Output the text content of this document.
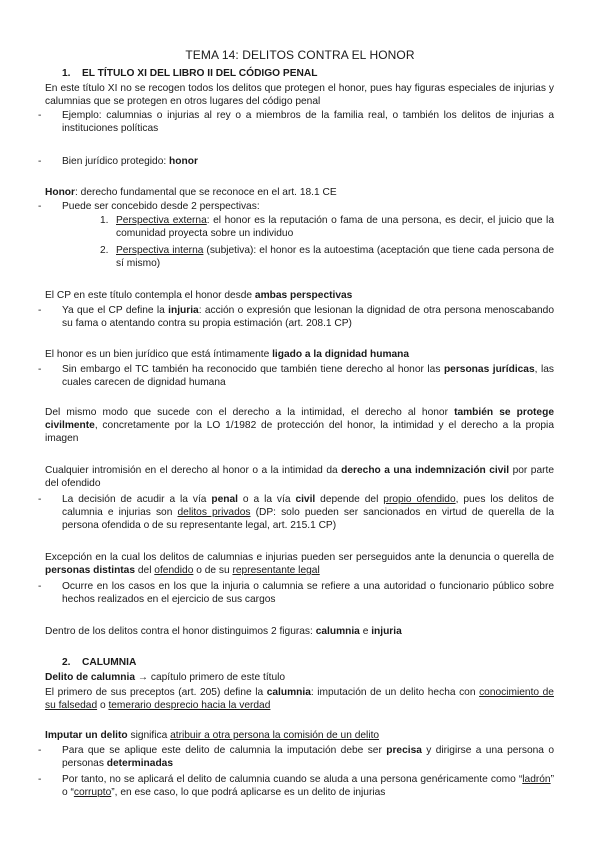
TEMA 14: DELITOS CONTRA EL HONOR
1. EL TÍTULO XI DEL LIBRO II DEL CÓDIGO PENAL
En este título XI no se recogen todos los delitos que protegen el honor, pues hay figuras especiales de injurias y calumnias que se protegen en otros lugares del código penal
- Ejemplo: calumnias o injurias al rey o a miembros de la familia real, o también los delitos de injurias a instituciones políticas
- Bien jurídico protegido: honor
Honor: derecho fundamental que se reconoce en el art. 18.1 CE
- Puede ser concebido desde 2 perspectivas:
1. Perspectiva externa: el honor es la reputación o fama de una persona, es decir, el juicio que la comunidad proyecta sobre un individuo
2. Perspectiva interna (subjetiva): el honor es la autoestima (aceptación que tiene cada persona de sí mismo)
El CP en este título contempla el honor desde ambas perspectivas
- Ya que el CP define la injuria: acción o expresión que lesionan la dignidad de otra persona menoscabando su fama o atentando contra su propia estimación (art. 208.1 CP)
El honor es un bien jurídico que está íntimamente ligado a la dignidad humana
- Sin embargo el TC también ha reconocido que también tiene derecho al honor las personas jurídicas, las cuales carecen de dignidad humana
Del mismo modo que sucede con el derecho a la intimidad, el derecho al honor también se protege civilmente, concretamente por la LO 1/1982 de protección del honor, la intimidad y el derecho a la propia imagen
Cualquier intromisión en el derecho al honor o a la intimidad da derecho a una indemnización civil por parte del ofendido
- La decisión de acudir a la vía penal o a la vía civil depende del propio ofendido, pues los delitos de calumnia e injurias son delitos privados (DP: solo pueden ser sancionados en virtud de querella de la persona ofendida o de su representante legal, art. 215.1 CP)
Excepción en la cual los delitos de calumnias e injurias pueden ser perseguidos ante la denuncia o querella de personas distintas del ofendido o de su representante legal
- Ocurre en los casos en los que la injuria o calumnia se refiere a una autoridad o funcionario público sobre hechos realizados en el ejercicio de sus cargos
Dentro de los delitos contra el honor distinguimos 2 figuras: calumnia e injuria
2. CALUMNIA
Delito de calumnia → capítulo primero de este título
El primero de sus preceptos (art. 205) define la calumnia: imputación de un delito hecha con conocimiento de su falsedad o temerario desprecio hacia la verdad
Imputar un delito significa atribuir a otra persona la comisión de un delito
- Para que se aplique este delito de calumnia la imputación debe ser precisa y dirigirse a una persona o personas determinadas
- Por tanto, no se aplicará el delito de calumnia cuando se aluda a una persona genéricamente como “ladrón” o “corrupto”, en ese caso, lo que podrá aplicarse es un delito de injurias
